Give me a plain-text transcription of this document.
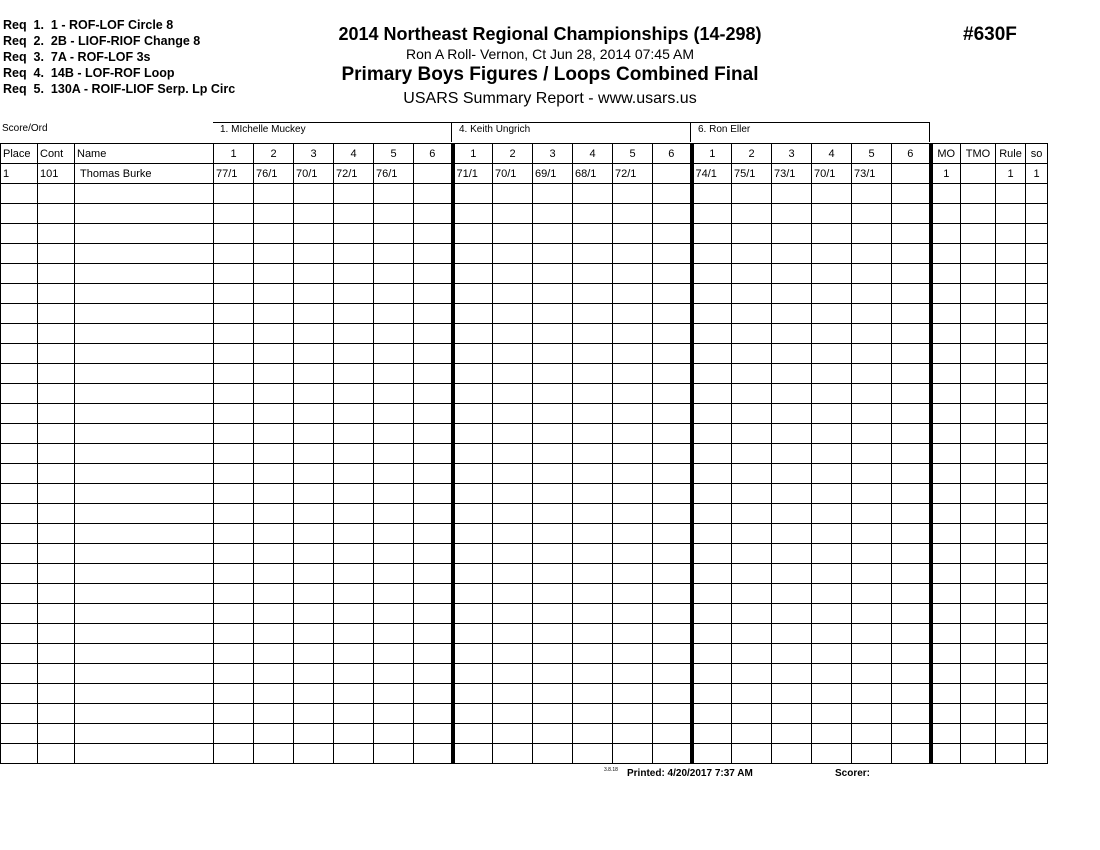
Req  1.  1 - ROF-LOF Circle 8
Req  2.  2B - LIOF-RIOF Change 8
Req  3.  7A - ROF-LOF 3s
Req  4.  14B - LOF-ROF Loop
Req  5.  130A - ROIF-LIOF Serp. Lp Circ
2014 Northeast Regional Championships (14-298)
Ron A Roll- Vernon, Ct Jun 28, 2014 07:45 AM
Primary Boys Figures / Loops Combined Final
USARS Summary Report - www.usars.us
#630F
Score/Ord	1. MIchelle Muckey	4. Keith Ungrich	6. Ron Eller
Place	Cont	Name	1	2	3	4	5	6	1	2	3	4	5	6	1	2	3	4	5	6	MO	TMO	Rule	so
1	101	Thomas Burke	77/1	76/1	70/1	72/1	76/1		71/1	70/1	69/1	68/1	72/1		74/1	75/1	73/1	70/1	73/1		1		1	1

3.8.18 Printed: 4/20/2017 7:37 AM	Scorer:
